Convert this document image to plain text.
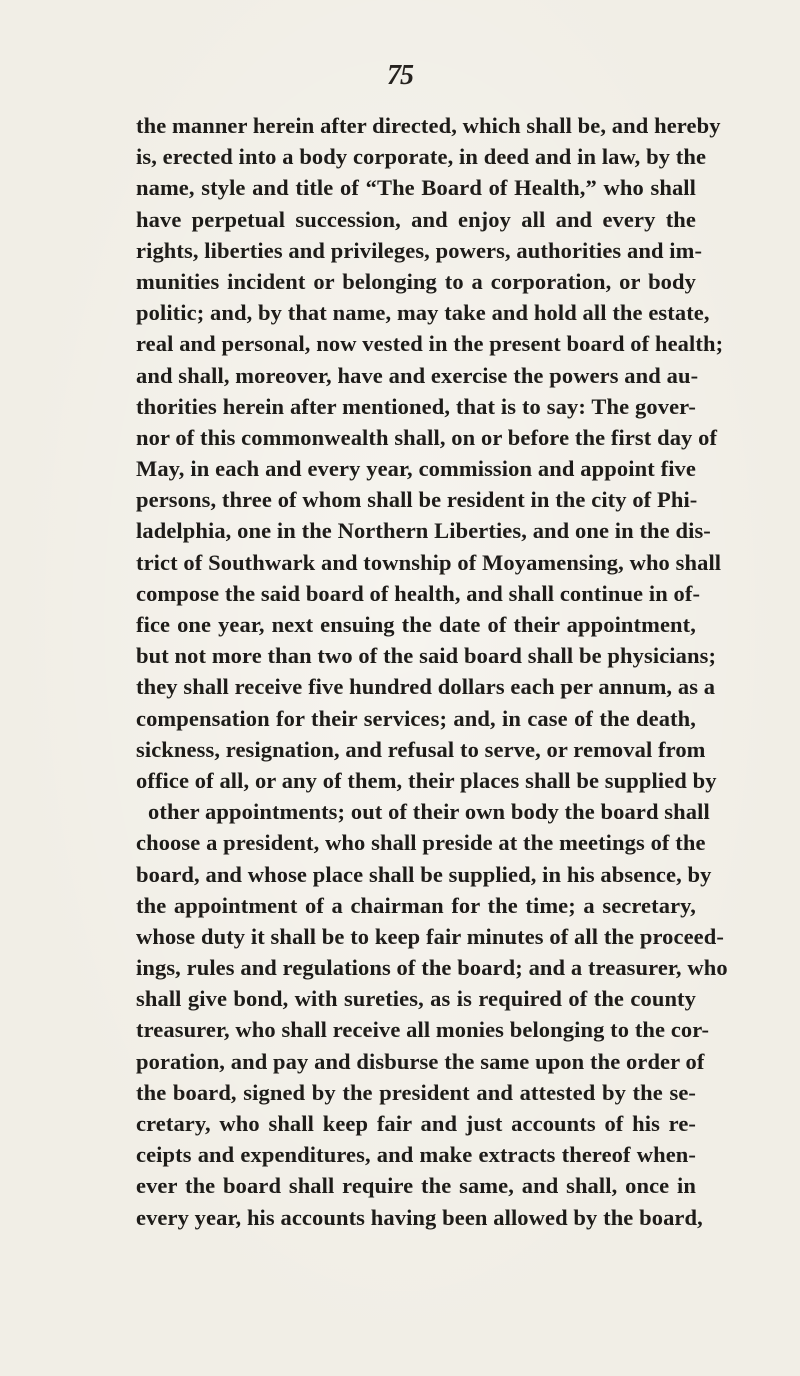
75
the manner herein after directed, which shall be, and hereby
is, erected into a body corporate, in deed and in law, by the
name, style and title of “The Board of Health,” who shall
have perpetual succession, and enjoy all and every the
rights, liberties and privileges, powers, authorities and im-
munities incident or belonging to a corporation, or body
politic; and, by that name, may take and hold all the estate,
real and personal, now vested in the present board of health;
and shall, moreover, have and exercise the powers and au-
thorities herein after mentioned, that is to say: The gover-
nor of this commonwealth shall, on or before the first day of
May, in each and every year, commission and appoint five
persons, three of whom shall be resident in the city of Phi-
ladelphia, one in the Northern Liberties, and one in the dis-
trict of Southwark and township of Moyamensing, who shall
compose the said board of health, and shall continue in of-
fice one year, next ensuing the date of their appointment,
but not more than two of the said board shall be physicians;
they shall receive five hundred dollars each per annum, as a
compensation for their services; and, in case of the death,
sickness, resignation, and refusal to serve, or removal from
office of all, or any of them, their places shall be supplied by
other appointments; out of their own body the board shall
choose a president, who shall preside at the meetings of the
board, and whose place shall be supplied, in his absence, by
the appointment of a chairman for the time; a secretary,
whose duty it shall be to keep fair minutes of all the proceed-
ings, rules and regulations of the board; and a treasurer, who
shall give bond, with sureties, as is required of the county
treasurer, who shall receive all monies belonging to the cor-
poration, and pay and disburse the same upon the order of
the board, signed by the president and attested by the se-
cretary, who shall keep fair and just accounts of his re-
ceipts and expenditures, and make extracts thereof when-
ever the board shall require the same, and shall, once in
every year, his accounts having been allowed by the board,
